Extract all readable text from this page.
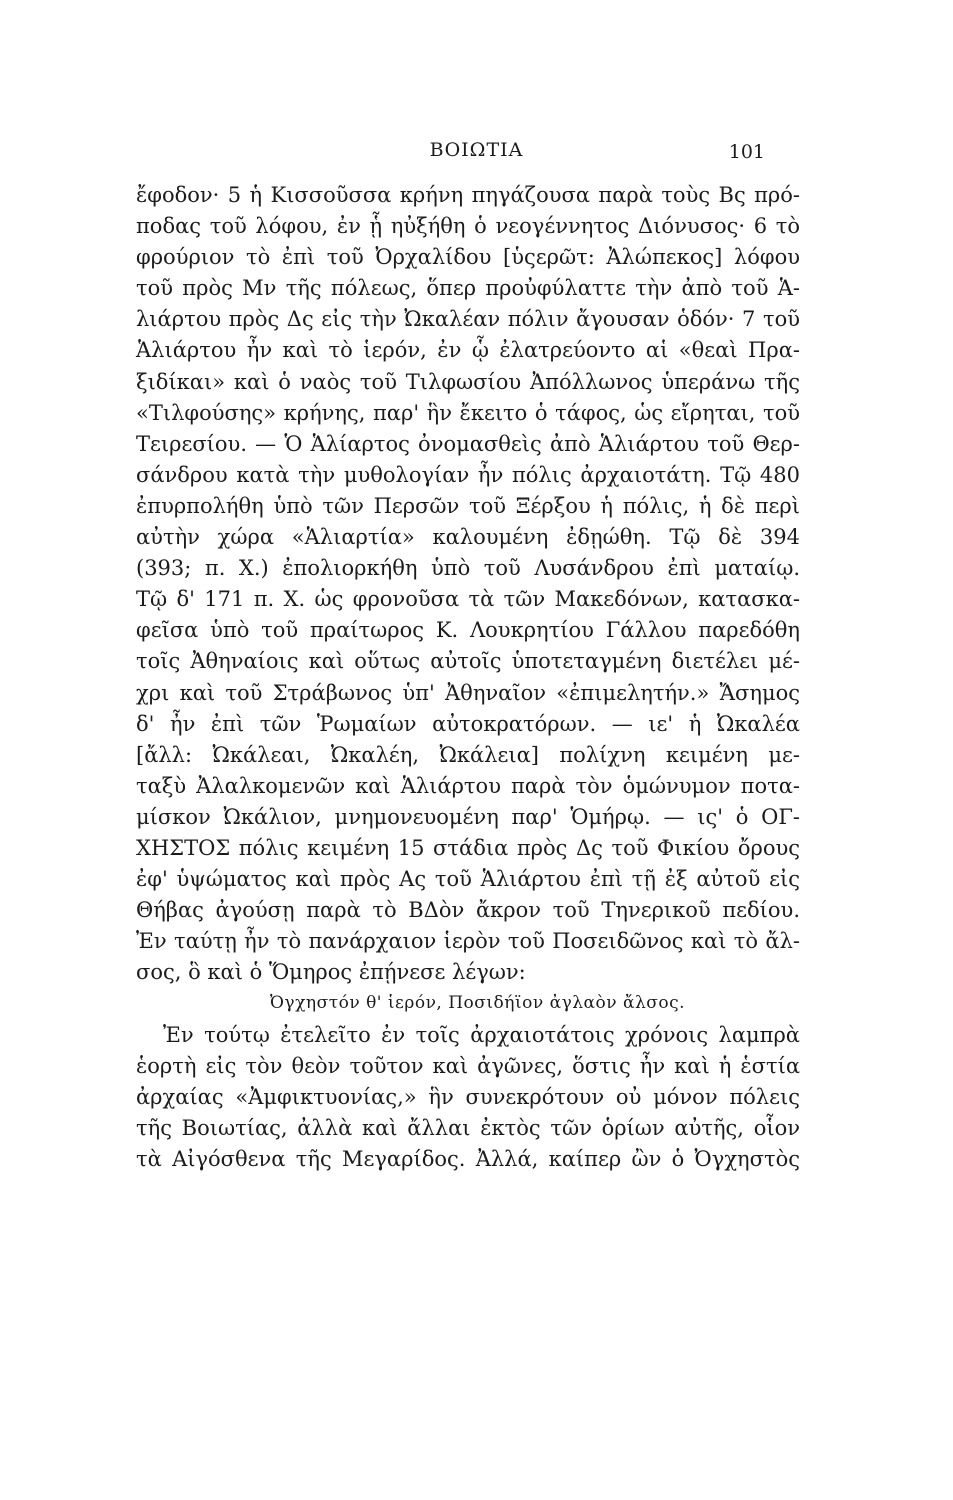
ΒΟΙΩΤΙΑ	101
ἔφοδον· 5 ἡ Κισσοῦσσα κρήνη πηγάζουσα παρὰ τοὺς Βς πρό-
ποδας τοῦ λόφου, ἐν ᾗ ηὐξήθη ὁ νεογέννητος Διόνυσος· 6 τὸ
φρούριον τὸ ἐπὶ τοῦ Ὀρχαλίδου [ὑςερῶτ: Ἀλώπεκος] λόφου
τοῦ πρὸς Μν τῆς πόλεως, ὅπερ προὐφύλαττε τὴν ἀπὸ τοῦ Ἁ-
λιάρτου πρὸς Δς εἰς τὴν Ὠκαλέαν πόλιν ἄγουσαν ὁδόν· 7 τοῦ
Ἁλιάρτου ἦν καὶ τὸ ἱερόν, ἐν ᾧ ἐλατρεύοντο αἱ «θεαὶ Πρα-
ξιδίκαι» καὶ ὁ ναὸς τοῦ Τιλφωσίου Ἀπόλλωνος ὑπεράνω τῆς
«Τιλφούσης» κρήνης, παρ' ἣν ἔκειτο ὁ τάφος, ὡς εἴρηται, τοῦ
Τειρεσίου. — Ὁ Ἁλίαρτος ὀνομασθεὶς ἀπὸ Ἁλιάρτου τοῦ Θερ-
σάνδρου κατὰ τὴν μυθολογίαν ἦν πόλις ἀρχαιοτάτη. Τῷ 480
ἐπυρπολήθη ὑπὸ τῶν Περσῶν τοῦ Ξέρξου ἡ πόλις, ἡ δὲ περὶ
αὐτὴν χώρα «Ἁλιαρτία» καλουμένη ἐδῃώθη. Τῷ δὲ 394
(393; π. Χ.) ἐπολιορκήθη ὑπὸ τοῦ Λυσάνδρου ἐπὶ ματαίῳ.
Τῷ δ' 171 π. Χ. ὡς φρονοῦσα τὰ τῶν Μακεδόνων, κατασκα-
φεῖσα ὑπὸ τοῦ πραίτωρος Κ. Λουκρητίου Γάλλου παρεδόθη
τοῖς Ἀθηναίοις καὶ οὕτως αὐτοῖς ὑποτεταγμένη διετέλει μέ-
χρι καὶ τοῦ Στράβωνος ὑπ' Ἀθηναῖον «ἐπιμελητήν.» Ἄσημος
δ' ἦν ἐπὶ τῶν Ῥωμαίων αὐτοκρατόρων. — ιε' ἡ Ὠκαλέα
[ἄλλ: Ὠκάλεαι, Ὠκαλέη, Ὠκάλεια] πολίχνη κειμένη με-
ταξὺ Ἀλαλκομενῶν καὶ Ἁλιάρτου παρὰ τὸν ὁμώνυμον ποτα-
μίσκον Ὠκάλιον, μνημονευομένη παρ' Ὁμήρῳ. — ις' ὁ ΟΓ-
ΧΗΣΤΟΣ πόλις κειμένη 15 στάδια πρὸς Δς τοῦ Φικίου ὄρους
ἐφ' ὑψώματος καὶ πρὸς Ας τοῦ Ἁλιάρτου ἐπὶ τῇ ἐξ αὐτοῦ εἰς
Θήβας ἀγούσῃ παρὰ τὸ ΒΔὸν ἄκρον τοῦ Τηνερικοῦ πεδίου.
Ἐν ταύτῃ ἦν τὸ πανάρχαιον ἱερὸν τοῦ Ποσειδῶνος καὶ τὸ ἄλ-
σος, ὃ καὶ ὁ Ὅμηρος ἐπῄνεσε λέγων:
Ὀγχηστόν θ' ἱερόν, Ποσιδήϊον ἀγλαὸν ἄλσος.
Ἐν τούτῳ ἐτελεῖτο ἐν τοῖς ἀρχαιοτάτοις χρόνοις λαμπρὰ
ἑορτὴ εἰς τὸν θεὸν τοῦτον καὶ ἀγῶνες, ὅστις ἦν καὶ ἡ ἑστία
ἀρχαίας «Ἀμφικτυονίας,» ἣν συνεκρότουν οὐ μόνον πόλεις
τῆς Βοιωτίας, ἀλλὰ καὶ ἄλλαι ἐκτὸς τῶν ὁρίων αὐτῆς, οἷον
τὰ Αἰγόσθενα τῆς Μεγαρίδος. Ἀλλά, καίπερ ὢν ὁ Ὀγχηστὸς
